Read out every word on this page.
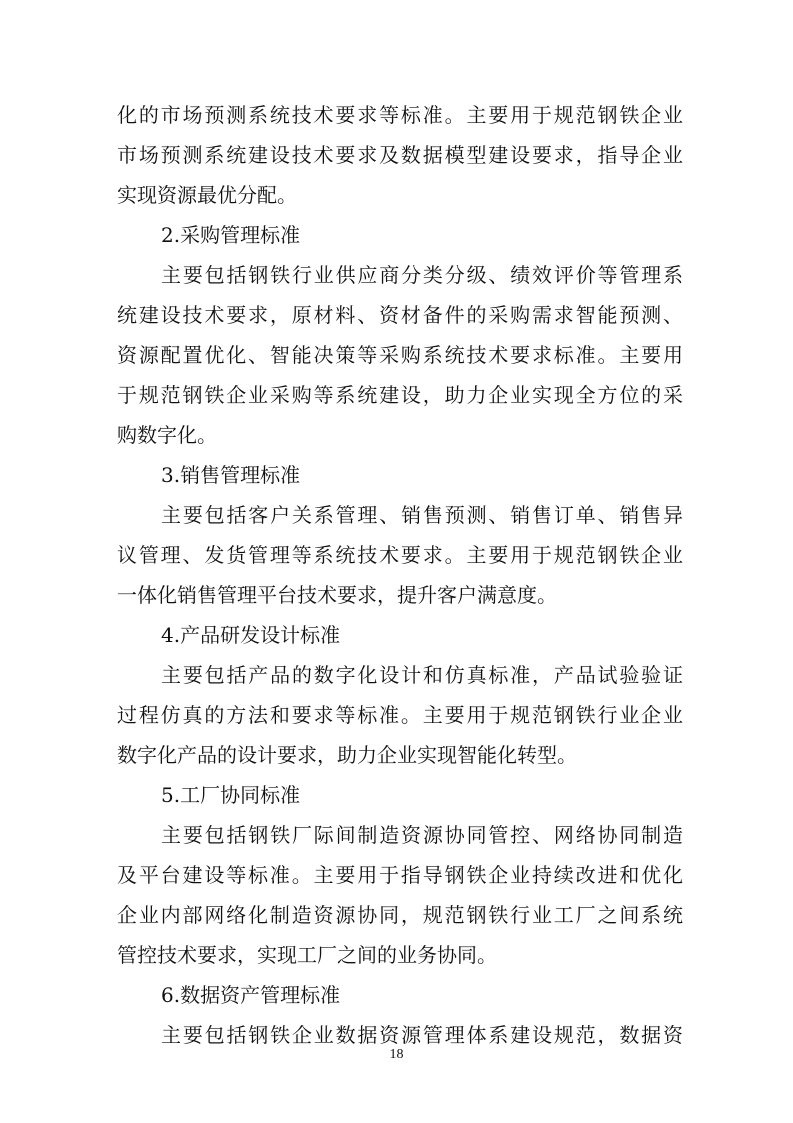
化的市场预测系统技术要求等标准。主要用于规范钢铁企业
市场预测系统建设技术要求及数据模型建设要求，指导企业
实现资源最优分配。
2.采购管理标准
主要包括钢铁行业供应商分类分级、绩效评价等管理系
统建设技术要求，原材料、资材备件的采购需求智能预测、
资源配置优化、智能决策等采购系统技术要求标准。主要用
于规范钢铁企业采购等系统建设，助力企业实现全方位的采
购数字化。
3.销售管理标准
主要包括客户关系管理、销售预测、销售订单、销售异
议管理、发货管理等系统技术要求。主要用于规范钢铁企业
一体化销售管理平台技术要求，提升客户满意度。
4.产品研发设计标准
主要包括产品的数字化设计和仿真标准，产品试验验证
过程仿真的方法和要求等标准。主要用于规范钢铁行业企业
数字化产品的设计要求，助力企业实现智能化转型。
5.工厂协同标准
主要包括钢铁厂际间制造资源协同管控、网络协同制造
及平台建设等标准。主要用于指导钢铁企业持续改进和优化
企业内部网络化制造资源协同，规范钢铁行业工厂之间系统
管控技术要求，实现工厂之间的业务协同。
6.数据资产管理标准
主要包括钢铁企业数据资源管理体系建设规范，数据资
18
